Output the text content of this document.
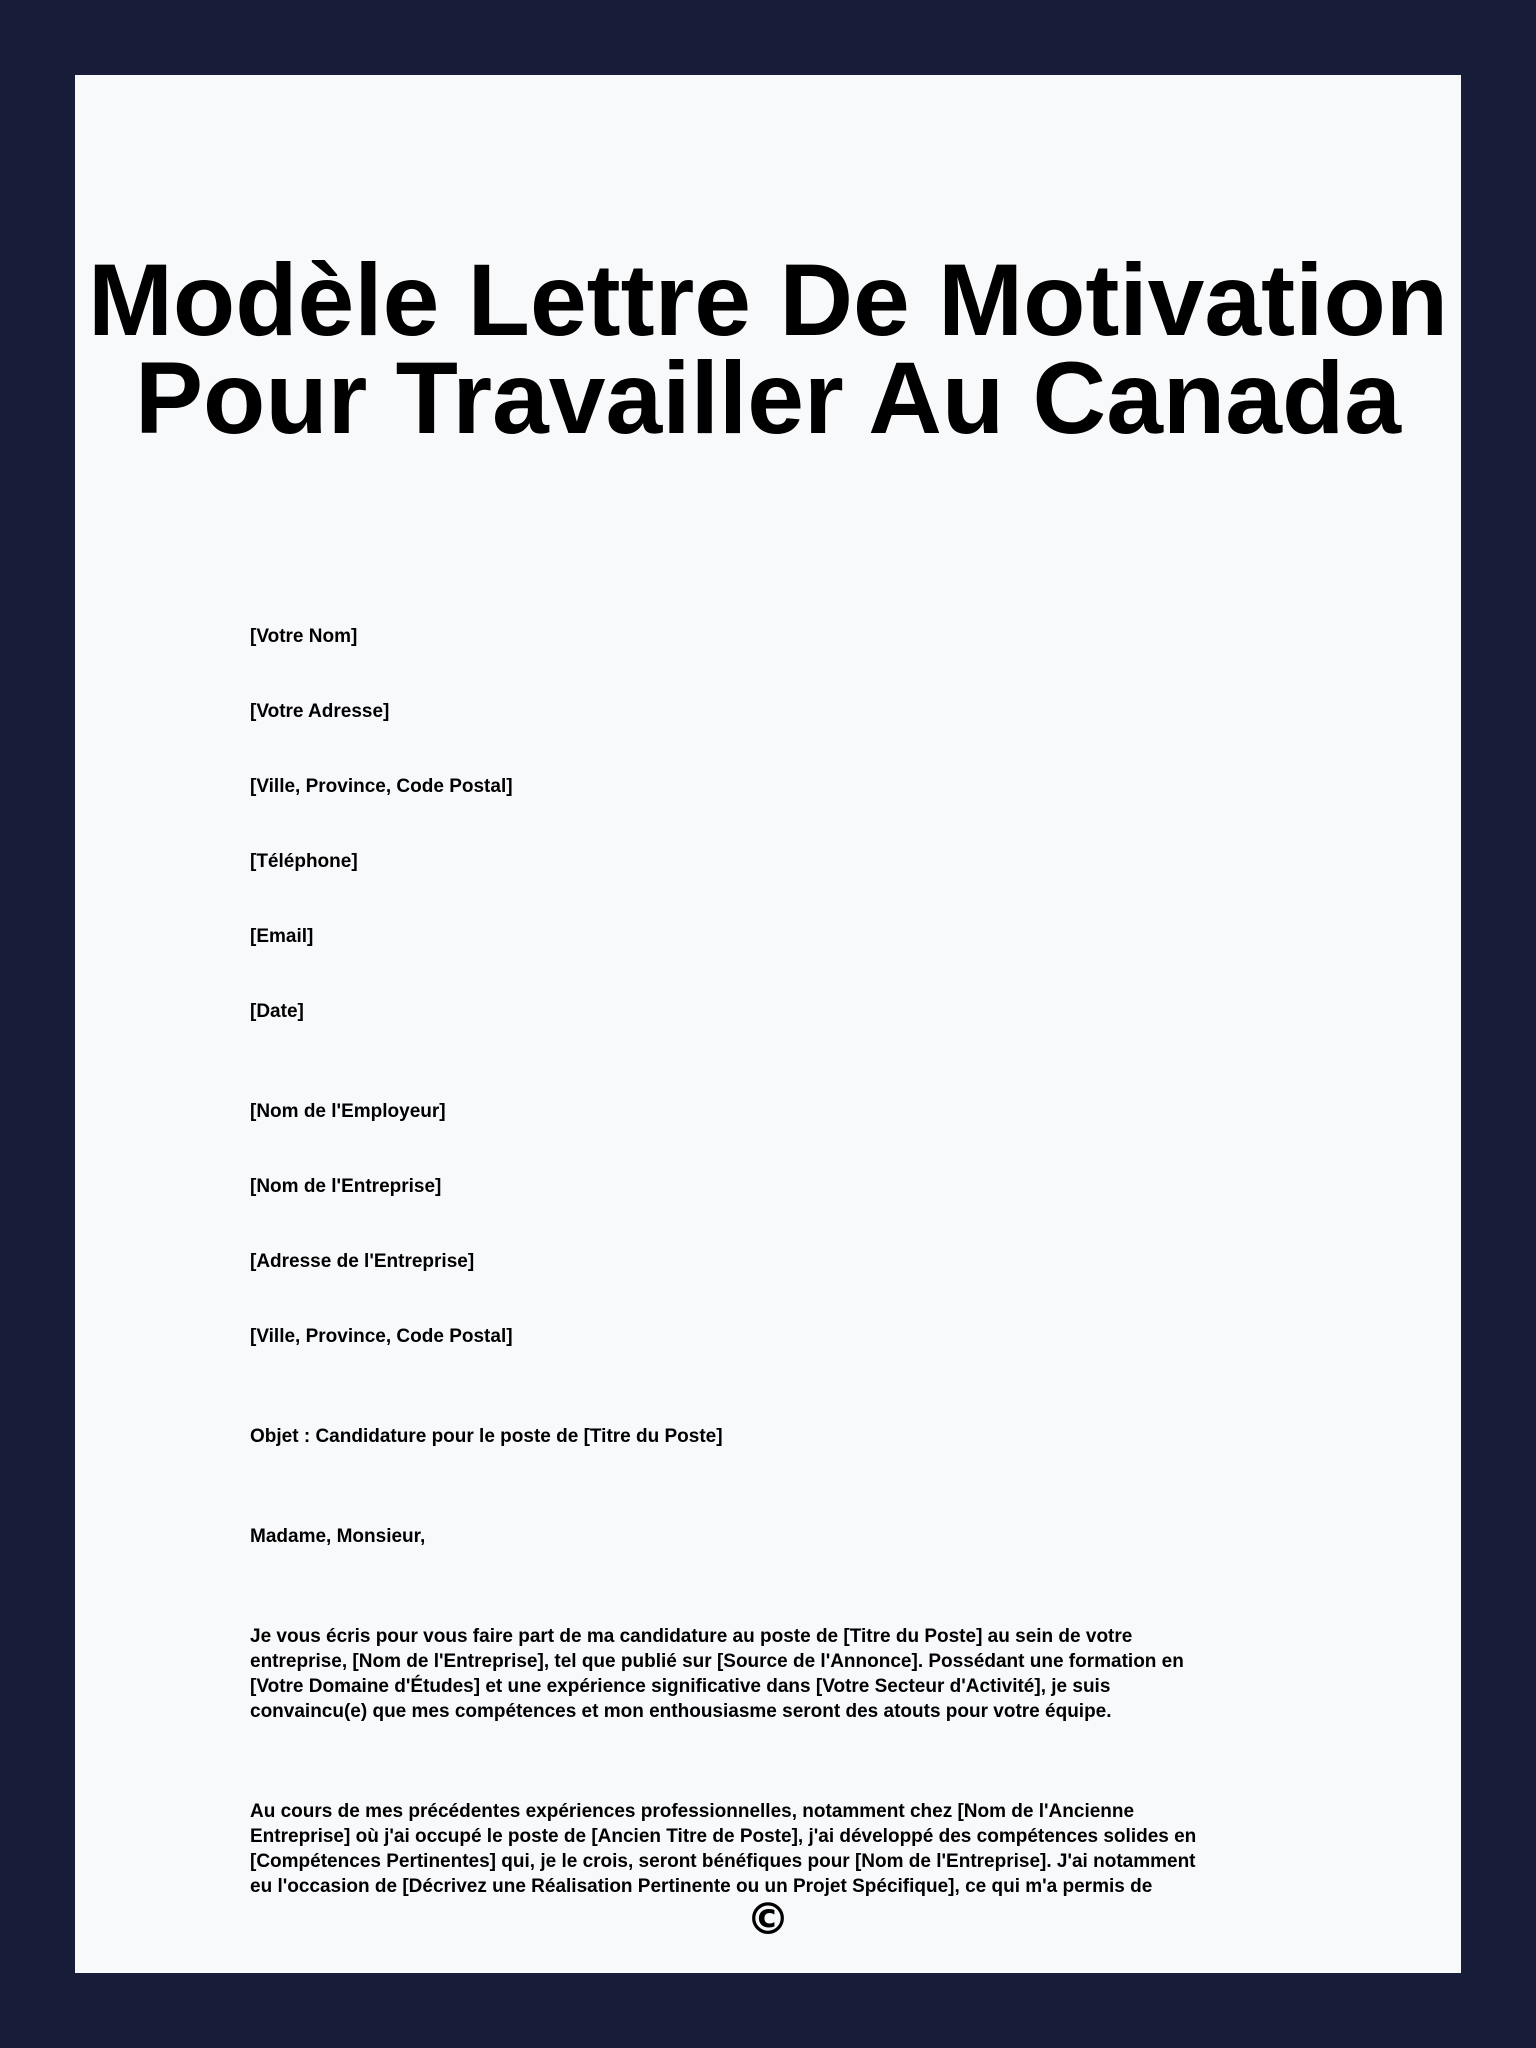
Modèle Lettre De Motivation
Pour Travailler Au Canada

[Votre Nom]

[Votre Adresse]

[Ville, Province, Code Postal]

[Téléphone]

[Email]

[Date]

[Nom de l'Employeur]

[Nom de l'Entreprise]

[Adresse de l'Entreprise]

[Ville, Province, Code Postal]

Objet : Candidature pour le poste de [Titre du Poste]

Madame, Monsieur,

Je vous écris pour vous faire part de ma candidature au poste de [Titre du Poste] au sein de votre
entreprise, [Nom de l'Entreprise], tel que publié sur [Source de l'Annonce]. Possédant une formation en
[Votre Domaine d'Études] et une expérience significative dans [Votre Secteur d'Activité], je suis
convaincu(e) que mes compétences et mon enthousiasme seront des atouts pour votre équipe.
Au cours de mes précédentes expériences professionnelles, notamment chez [Nom de l'Ancienne
Entreprise] où j'ai occupé le poste de [Ancien Titre de Poste], j'ai développé des compétences solides en
[Compétences Pertinentes] qui, je le crois, seront bénéfiques pour [Nom de l'Entreprise]. J'ai notamment
eu l'occasion de [Décrivez une Réalisation Pertinente ou un Projet Spécifique], ce qui m'a permis de
©
